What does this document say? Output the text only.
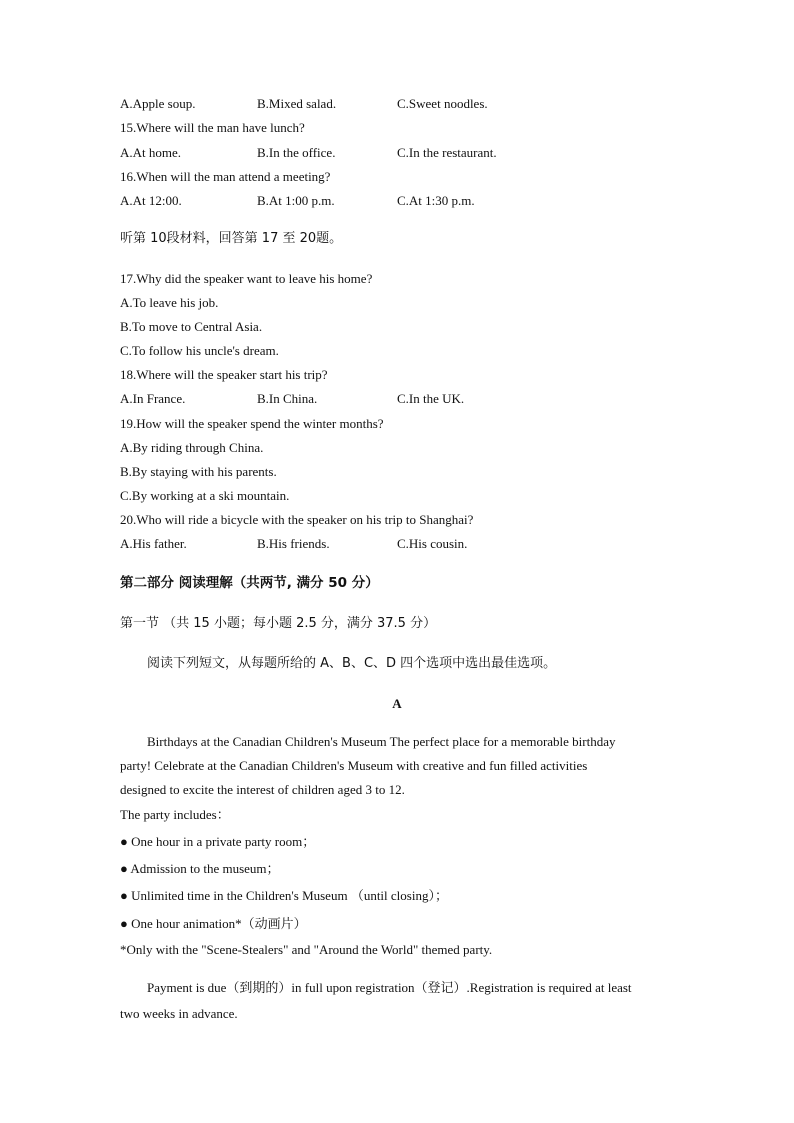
A.Apple soup.	B.Mixed salad.	C.Sweet noodles.
15.Where will the man have lunch?
A.At home.	B.In the office.	C.In the restaurant.
16.When will the man attend a meeting?
A.At 12:00.	B.At 1:00 p.m.	C.At 1:30 p.m.
听第 10段材料，回答第 17 至 20题。
17.Why did the speaker want to leave his home?
A.To leave his job.
B.To move to Central Asia.
C.To follow his uncle's dream.
18.Where will the speaker start his trip?
A.In France.	B.In China.	C.In the UK.
19.How will the speaker spend the winter months?
A.By riding through China.
B.By staying with his parents.
C.By working at a ski mountain.
20.Who will ride a bicycle with the speaker on his trip to Shanghai?
A.His father.	B.His friends.	C.His cousin.
第二部分 阅读理解（共两节, 满分 50 分）
第一节 （共 15 小题；每小题 2.5 分，满分 37.5 分）
阅读下列短文，从每题所给的 A、B、C、D 四个选项中选出最佳选项。
A
Birthdays at the Canadian Children's Museum The perfect place for a memorable birthday
party! Celebrate at the Canadian Children's Museum with creative and fun filled activities
designed to excite the interest of children aged 3 to 12.
The party includes：
● One hour in a private party room；
● Admission to the museum；
● Unlimited time in the Children's Museum （until closing）；
● One hour animation*（动画片）
*Only with the "Scene-Stealers" and "Around the World" themed party.
Payment is due（到期的）in full upon registration（登记）.Registration is required at least
two weeks in advance.
